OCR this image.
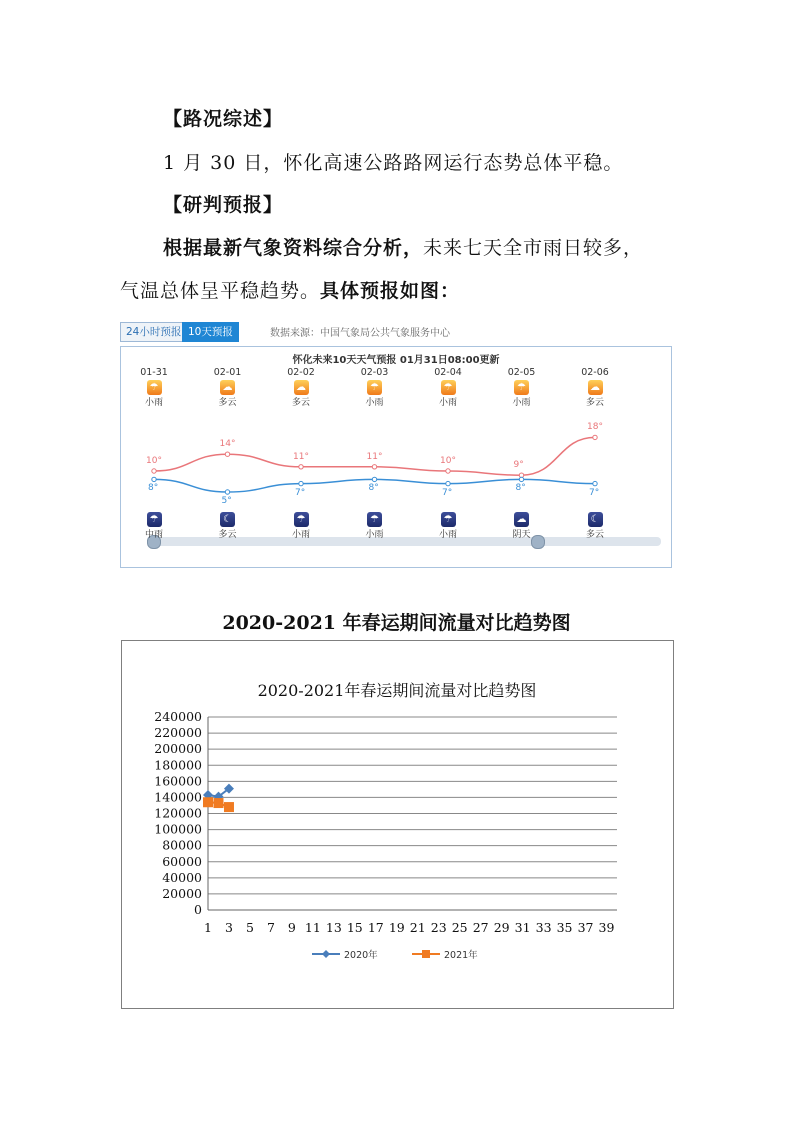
【路况综述】
1 月 30 日，怀化高速公路路网运行态势总体平稳。
【研判预报】
根据最新气象资料综合分析，未来七天全市雨日较多，
气温总体呈平稳趋势。具体预报如图：
24小时预报 10天预报	数据来源：中国气象局公共气象服务中心
怀化未来10天天气预报 01月31日08:00更新
01-31
☂
小雨
☂
中雨
10°
8°
02-01
☁
多云
☾
多云
14°
5°
02-02
☁
多云
☂
小雨
11°
7°
02-03
☂
小雨
☂
小雨
11°
8°
02-04
☂
小雨
☂
小雨
10°
7°
02-05
☂
小雨
☁
阴天
9°
8°
02-06
☁
多云
☾
多云
18°
7°
2020-2021 年春运期间流量对比趋势图
2020-2021年春运期间流量对比趋势图
240000
220000
200000
180000
160000
140000
120000
100000
80000
60000
40000
20000
0
1 3 5 7 9 11 13 15 17 19 21 23 25 27 29 31 33 35 37 39
2020年	2021年
